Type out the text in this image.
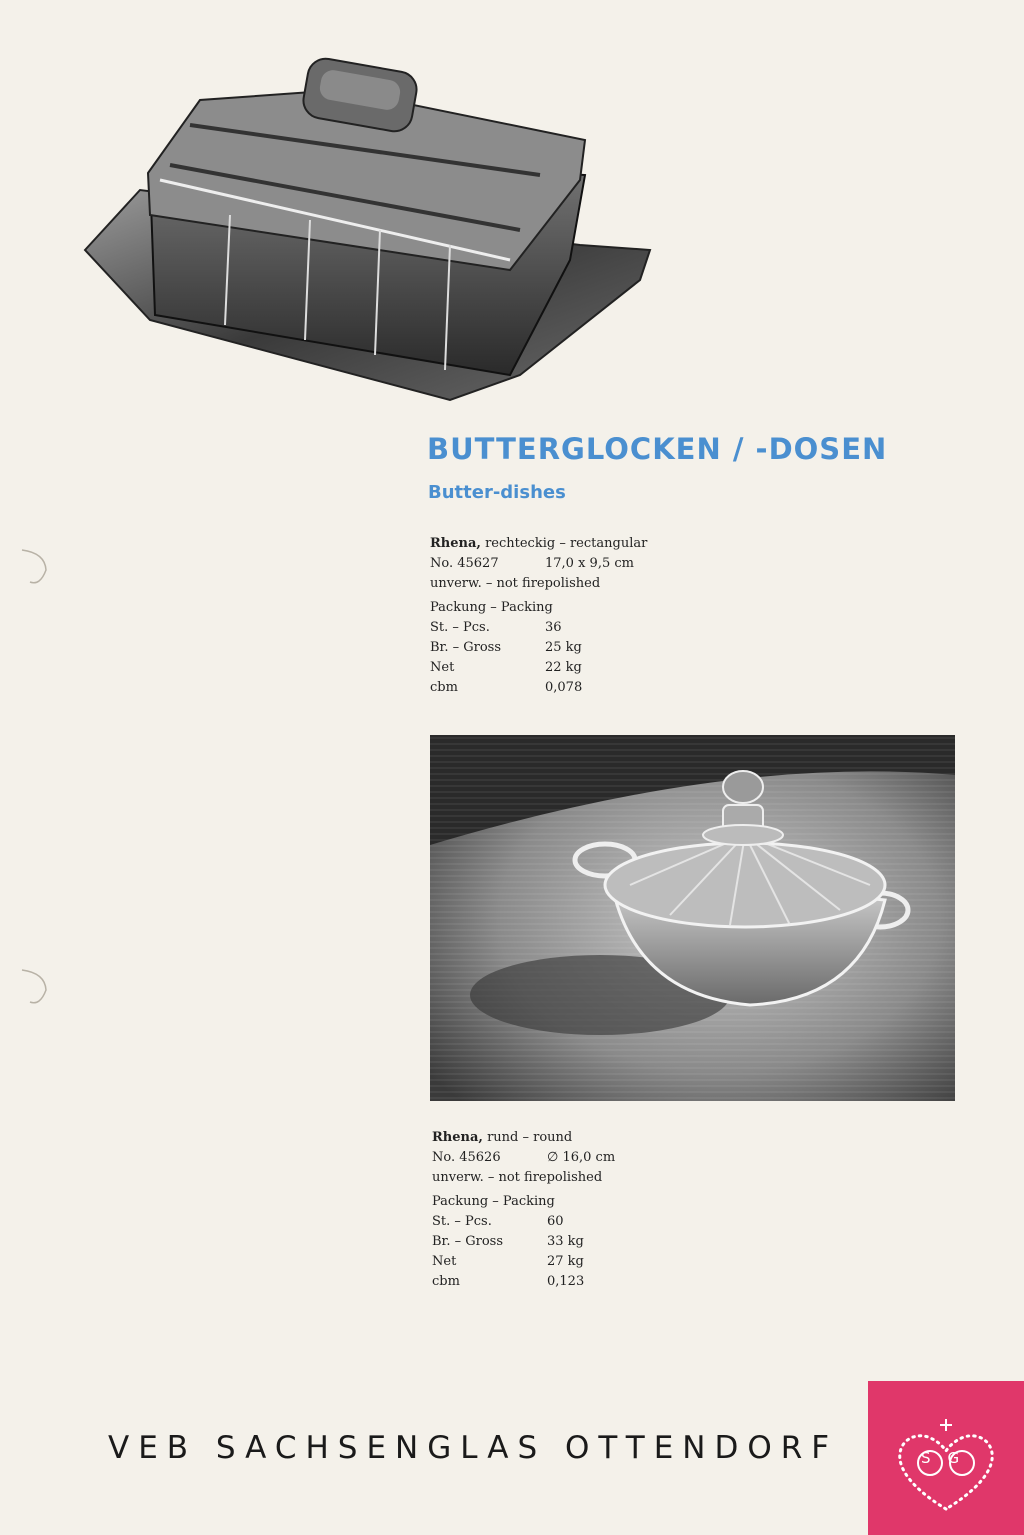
BUTTERGLOCKEN / -DOSEN
Butter-dishes
Rhena,
rechteckig – rectangular
No. 45627	17,0 x 9,5 cm
unverw. – not firepolished
Packung – Packing
St. – Pcs.	36
Br. – Gross	25 kg
Net	22 kg
cbm	0,078
Rhena,
rund – round
No. 45626	∅ 16,0 cm
unverw. – not firepolished
Packung – Packing
St. – Pcs.	60
Br. – Gross	33 kg
Net	27 kg
cbm	0,123
VEB SACHSENGLAS OTTENDORF	SG
